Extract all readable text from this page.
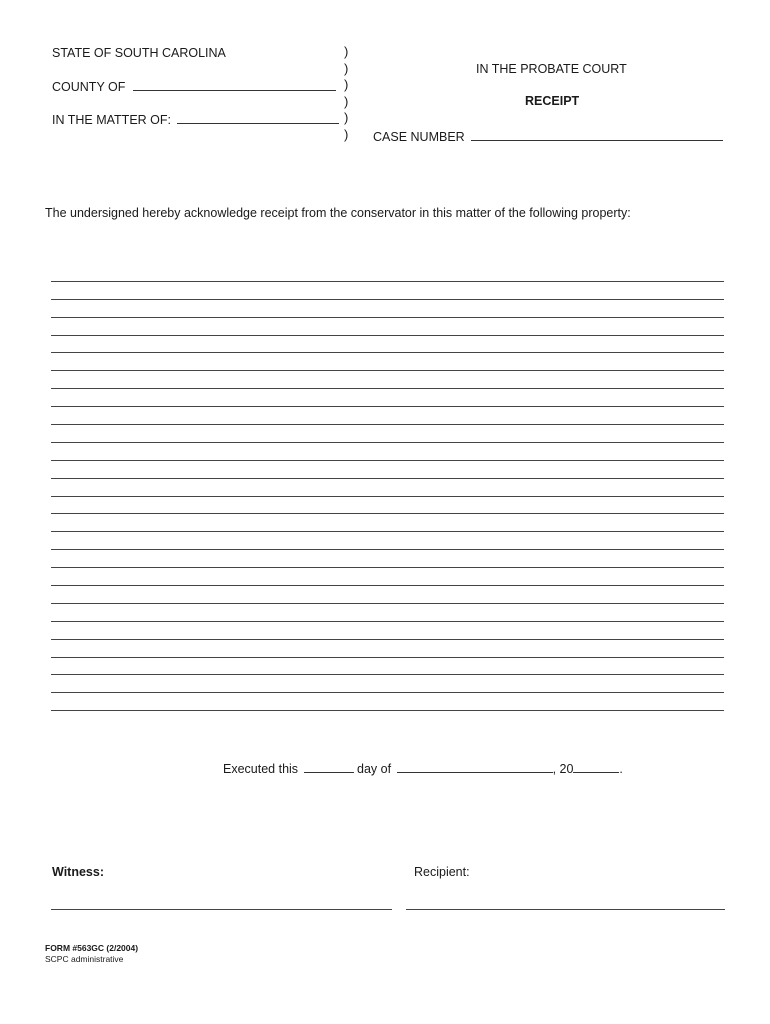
STATE OF SOUTH CAROLINA
COUNTY OF
IN THE MATTER OF:
)
)
)
)
)
)
IN THE PROBATE COURT
RECEIPT
CASE NUMBER
The undersigned hereby acknowledge receipt from the conservator in this matter of the following property:
Executed this	day of	, 20	.
Witness:	Recipient:
FORM #563GC (2/2004)
SCPC administrative
